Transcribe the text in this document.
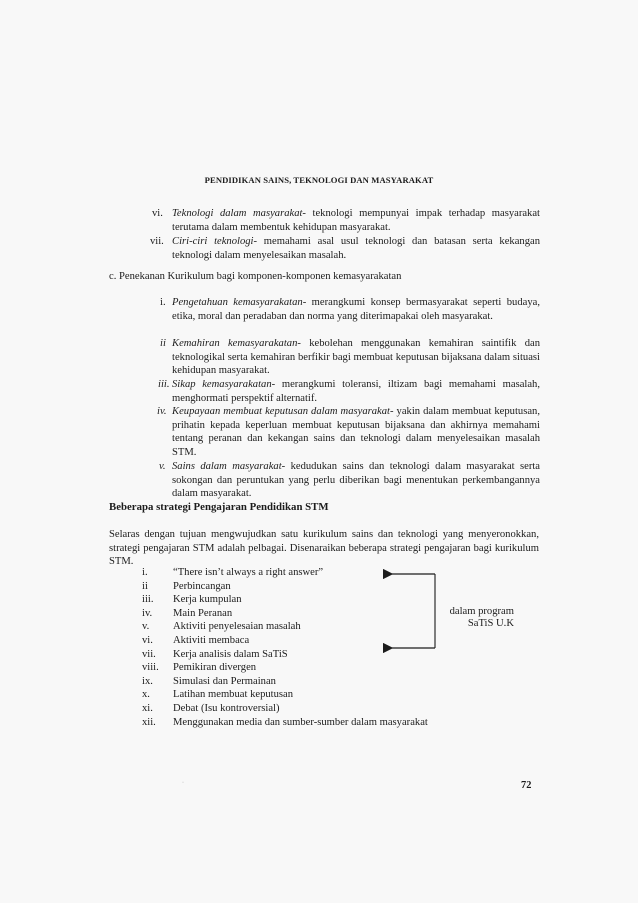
PENDIDIKAN SAINS, TEKNOLOGI DAN MASYARAKAT
vi. Teknologi dalam masyarakat- teknologi mempunyai impak terhadap masyarakat terutama dalam membentuk kehidupan masyarakat.
vii. Ciri-ciri teknologi- memahami asal usul teknologi dan batasan serta kekangan teknologi dalam menyelesaikan masalah.
c. Penekanan Kurikulum bagi komponen-komponen kemasyarakatan
i. Pengetahuan kemasyarakatan- merangkumi konsep bermasyarakat seperti budaya, etika, moral dan peradaban dan norma yang diterimapakai oleh masyarakat.
ii Kemahiran kemasyarakatan- kebolehan menggunakan kemahiran saintifik dan teknologikal serta kemahiran berfikir bagi membuat keputusan bijaksana dalam situasi kehidupan masyarakat.
iii. Sikap kemasyarakatan- merangkumi toleransi, iltizam bagi memahami masalah, menghormati perspektif alternatif.
iv. Keupayaan membuat keputusan dalam masyarakat- yakin dalam membuat keputusan, prihatin kepada keperluan membuat keputusan bijaksana dan akhirnya memahami tentang peranan dan kekangan sains dan teknologi dalam menyelesaikan masalah STM.
v. Sains dalam masyarakat- kedudukan sains dan teknologi dalam masyarakat serta sokongan dan peruntukan yang perlu diberikan bagi menentukan perkembangannya dalam masyarakat.
Beberapa strategi Pengajaran Pendidikan STM
Selaras dengan tujuan mengwujudkan satu kurikulum sains dan teknologi yang menyeronokkan, strategi pengajaran STM adalah pelbagai. Disenaraikan beberapa strategi pengajaran bagi kurikulum STM.
i. “There isn’t always a right answer”
ii Perbincangan
iii. Kerja kumpulan
iv. Main Peranan
v. Aktiviti penyelesaian masalah
vi. Aktiviti membaca
vii. Kerja analisis dalam SaTiS
viii. Pemikiran divergen
ix. Simulasi dan Permainan
x. Latihan membuat keputusan
xi. Debat (Isu kontroversial)
xii. Menggunakan media dan sumber-sumber dalam masyarakat
dalam program
SaTiS U.K
·	72
